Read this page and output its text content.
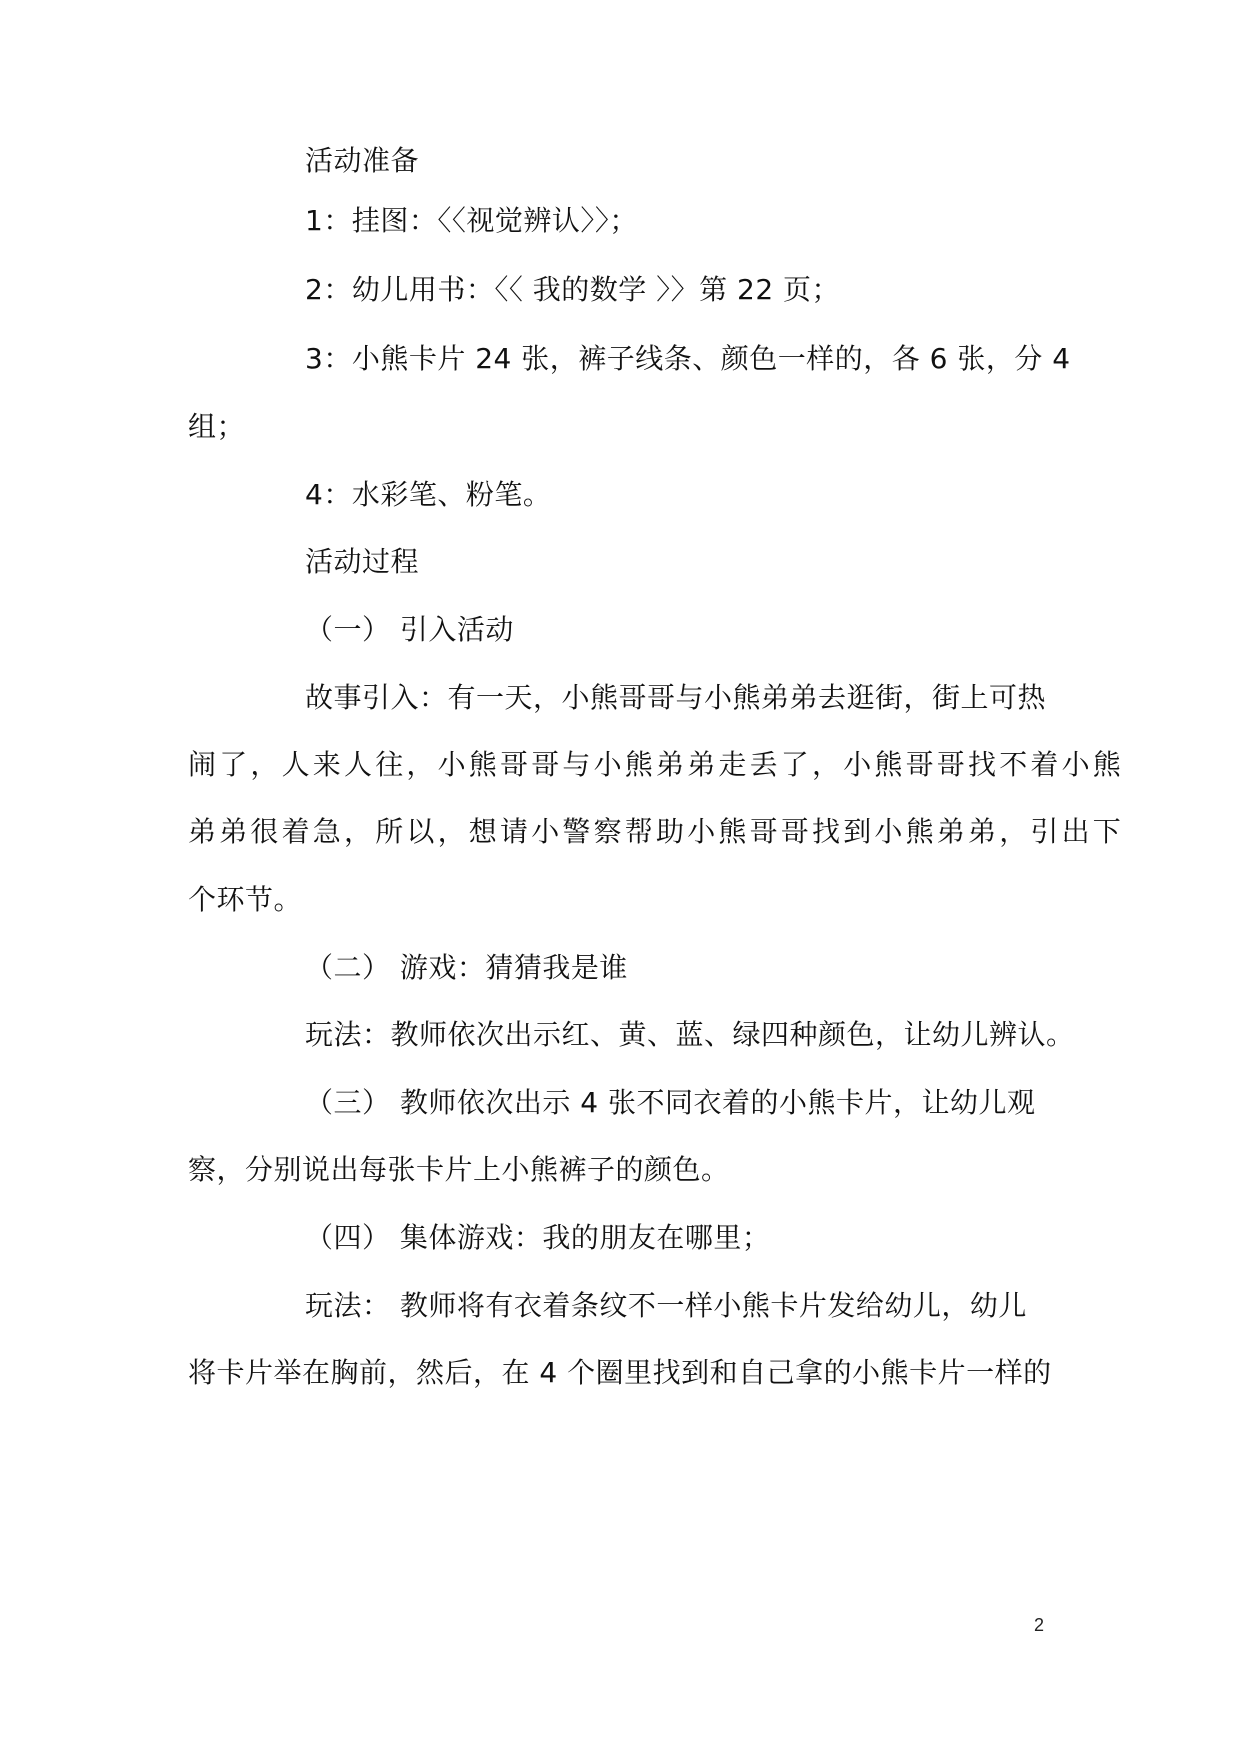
活动准备
1：挂图：〈〈视觉辨认〉〉；
2：幼儿用书：〈〈 我的数学 〉〉第 22 页；
3：小熊卡片 24 张，裤子线条、颜色一样的，各 6 张，分 4
组；
4：水彩笔、粉笔。
活动过程
（一） 引入活动
故事引入：有一天，小熊哥哥与小熊弟弟去逛街，街上可热
闹了，人来人往，小熊哥哥与小熊弟弟走丢了，小熊哥哥找不着小熊
弟弟很着急，所以，想请小警察帮助小熊哥哥找到小熊弟弟，引出下
个环节。
（二） 游戏：猜猜我是谁
玩法：教师依次出示红、黄、蓝、绿四种颜色，让幼儿辨认。
（三） 教师依次出示 4 张不同衣着的小熊卡片，让幼儿观
察，分别说出每张卡片上小熊裤子的颜色。
（四） 集体游戏：我的朋友在哪里；
玩法： 教师将有衣着条纹不一样小熊卡片发给幼儿，幼儿
将卡片举在胸前，然后，在 4 个圈里找到和自己拿的小熊卡片一样的
2
